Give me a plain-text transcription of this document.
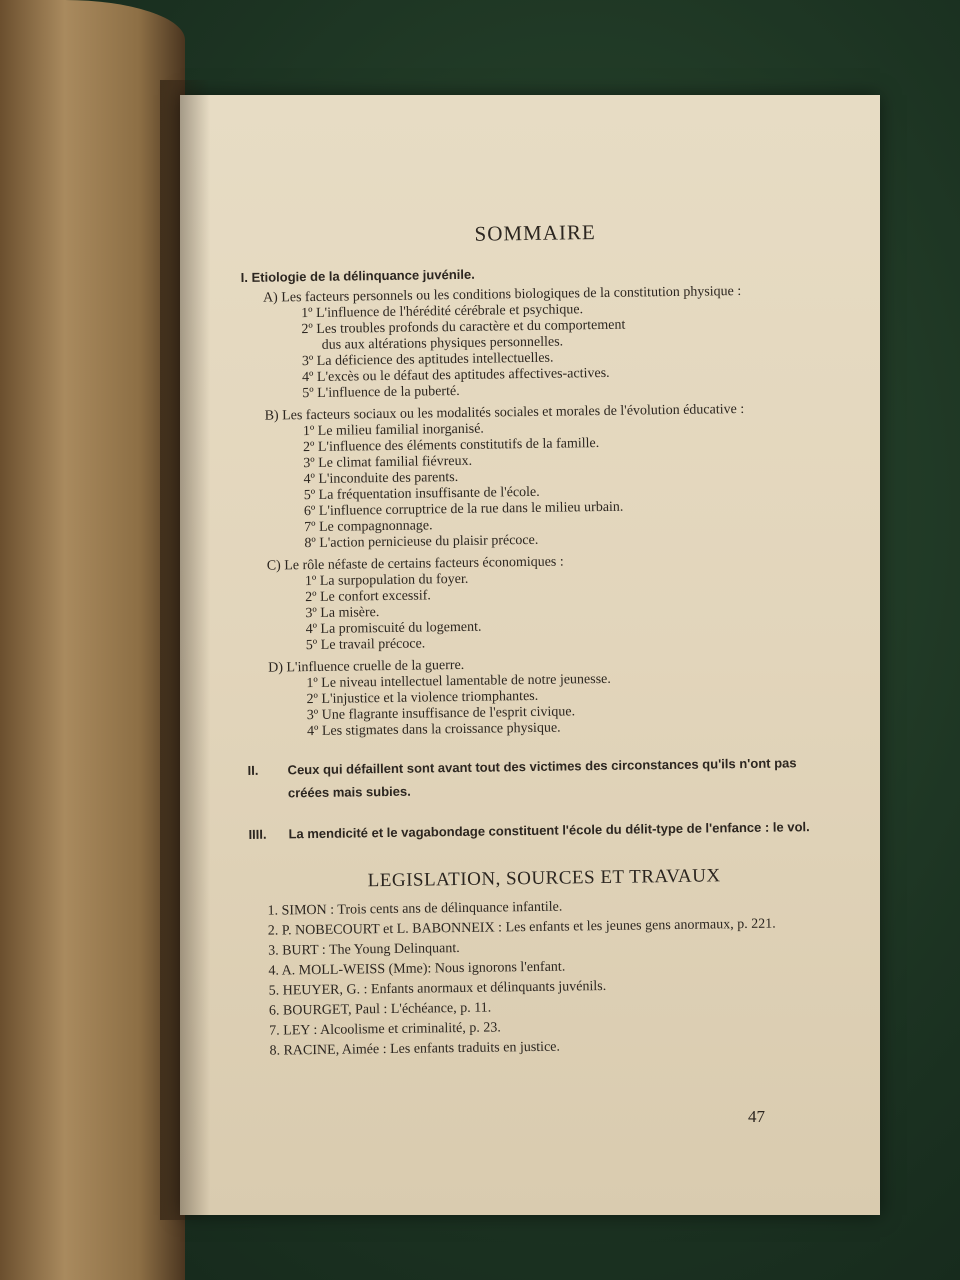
SOMMAIRE
I. Etiologie de la délinquance juvénile.
A) Les facteurs personnels ou les conditions biologiques de la constitution physique :
1º L'influence de l'hérédité cérébrale et psychique.
2º Les troubles profonds du caractère et du comportement
dus aux altérations physiques personnelles.
3º La déficience des aptitudes intellectuelles.
4º L'excès ou le défaut des aptitudes affectives-actives.
5º L'influence de la puberté.
B) Les facteurs sociaux ou les modalités sociales et morales de l'évolution éducative :
1º Le milieu familial inorganisé.
2º L'influence des éléments constitutifs de la famille.
3º Le climat familial fiévreux.
4º L'inconduite des parents.
5º La fréquentation insuffisante de l'école.
6º L'influence corruptrice de la rue dans le milieu urbain.
7º Le compagnonnage.
8º L'action pernicieuse du plaisir précoce.
C) Le rôle néfaste de certains facteurs économiques :
1º La surpopulation du foyer.
2º Le confort excessif.
3º La misère.
4º La promiscuité du logement.
5º Le travail précoce.
D) L'influence cruelle de la guerre.
1º Le niveau intellectuel lamentable de notre jeunesse.
2º L'injustice et la violence triomphantes.
3º Une flagrante insuffisance de l'esprit civique.
4º Les stigmates dans la croissance physique.
II. Ceux qui défaillent sont avant tout des victimes des circonstances qu'ils n'ont pas créées mais subies.
IIII. La mendicité et le vagabondage constituent l'école du délit-type de l'enfance : le vol.
LEGISLATION, SOURCES ET TRAVAUX
1. SIMON : Trois cents ans de délinquance infantile.
2. P. NOBECOURT et L. BABONNEIX : Les enfants et les jeunes gens anormaux, p. 221.
3. BURT : The Young Delinquant.
4. A. MOLL-WEISS (Mme): Nous ignorons l'enfant.
5. HEUYER, G. : Enfants anormaux et délinquants juvénils.
6. BOURGET, Paul : L'échéance, p. 11.
7. LEY : Alcoolisme et criminalité, p. 23.
8. RACINE, Aimée : Les enfants traduits en justice.
47
